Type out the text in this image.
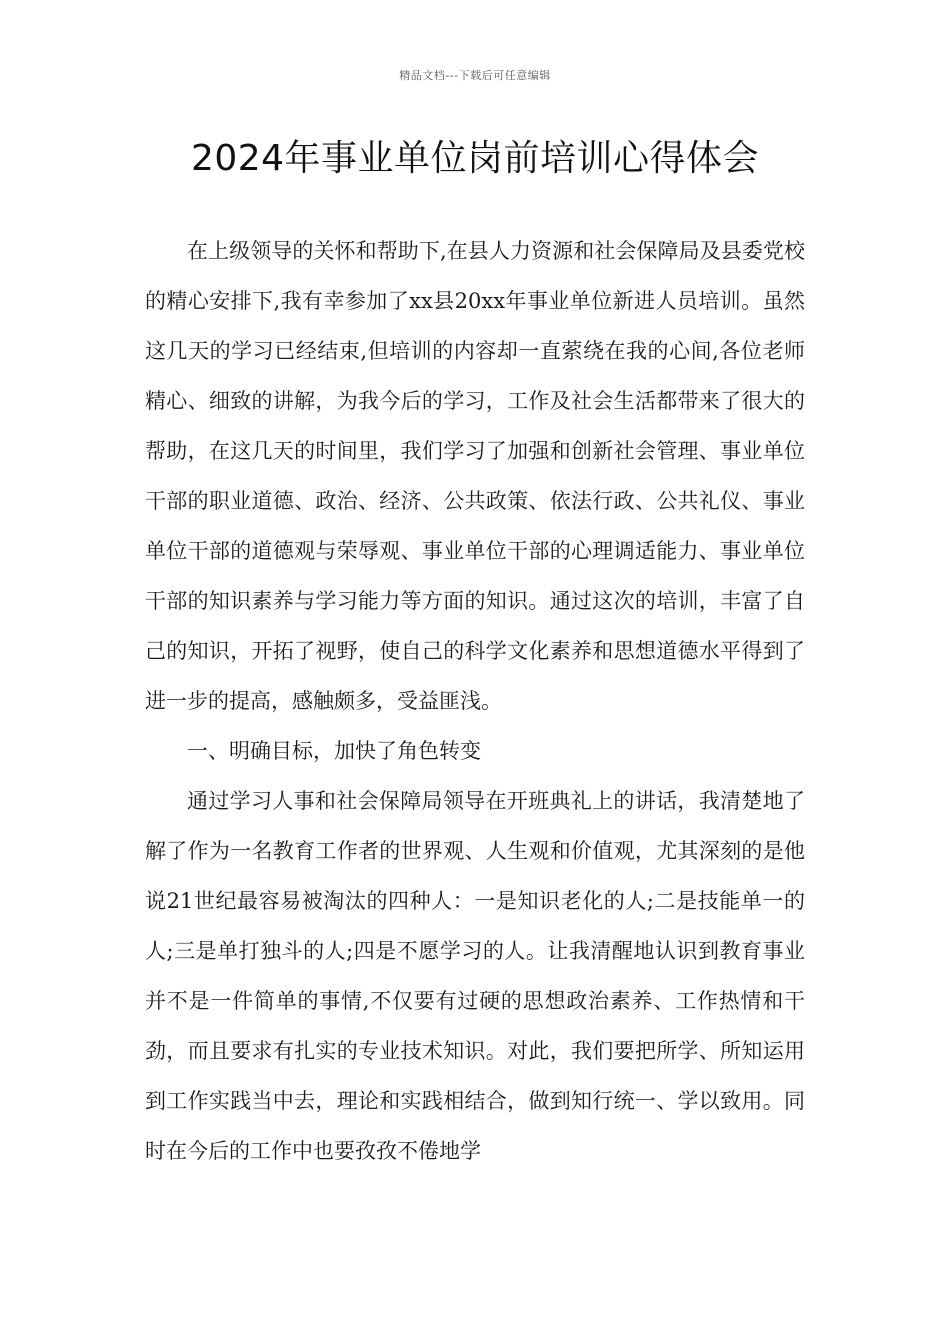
精品文档---下载后可任意编辑
2024年事业单位岗前培训心得体会

在上级领导的关怀和帮助下,在县人力资源和社会保障局及县委党校的精心安排下,我有幸参加了xx县20xx年事业单位新进人员培训。虽然这几天的学习已经结束,但培训的内容却一直萦绕在我的心间,各位老师精心、细致的讲解，为我今后的学习，工作及社会生活都带来了很大的帮助，在这几天的时间里，我们学习了加强和创新社会管理、事业单位干部的职业道德、政治、经济、公共政策、依法行政、公共礼仪、事业单位干部的道德观与荣辱观、事业单位干部的心理调适能力、事业单位干部的知识素养与学习能力等方面的知识。通过这次的培训，丰富了自己的知识，开拓了视野，使自己的科学文化素养和思想道德水平得到了进一步的提高，感触颇多，受益匪浅。

一、明确目标，加快了角色转变

通过学习人事和社会保障局领导在开班典礼上的讲话，我清楚地了解了作为一名教育工作者的世界观、人生观和价值观，尤其深刻的是他说21世纪最容易被淘汰的四种人：一是知识老化的人;二是技能单一的人;三是单打独斗的人;四是不愿学习的人。让我清醒地认识到教育事业并不是一件简单的事情,不仅要有过硬的思想政治素养、工作热情和干劲，而且要求有扎实的专业技术知识。对此，我们要把所学、所知运用到工作实践当中去，理论和实践相结合，做到知行统一、学以致用。同时在今后的工作中也要孜孜不倦地学
